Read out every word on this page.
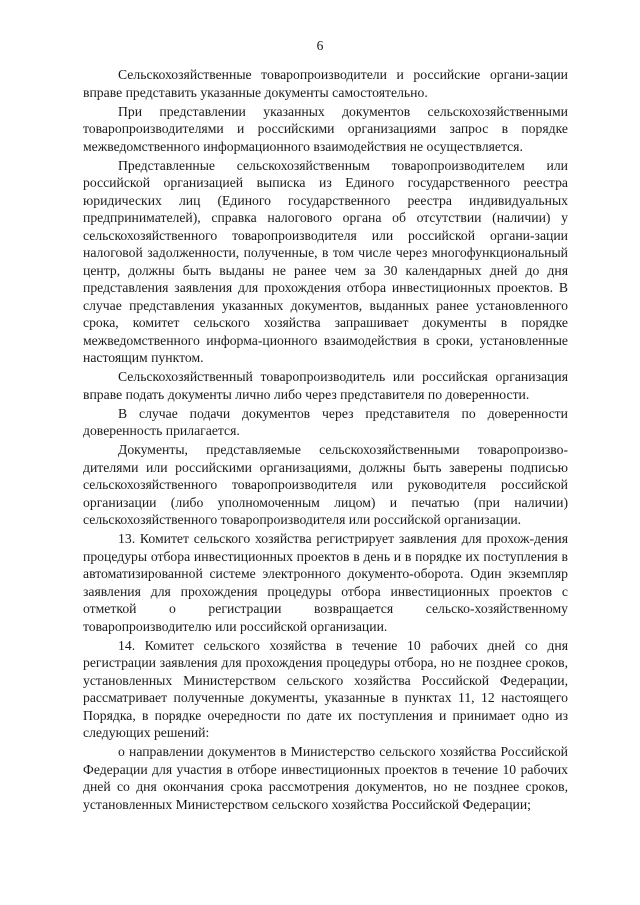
6

Сельскохозяйственные товаропроизводители и российские органи-зации вправе представить указанные документы самостоятельно.

При представлении указанных документов сельскохозяйственными товаропроизводителями и российскими организациями запрос в порядке межведомственного информационного взаимодействия не осуществляется.

Представленные сельскохозяйственным товаропроизводителем или российской организацией выписка из Единого государственного реестра юридических лиц (Единого государственного реестра индивидуальных предпринимателей), справка налогового органа об отсутствии (наличии) у сельскохозяйственного товаропроизводителя или российской органи-зации налоговой задолженности, полученные, в том числе через многофункциональный центр, должны быть выданы не ранее чем за 30 календарных дней до дня представления заявления для прохождения отбора инвестиционных проектов. В случае представления указанных документов, выданных ранее установленного срока, комитет сельского хозяйства запрашивает документы в порядке межведомственного информа-ционного взаимодействия в сроки, установленные настоящим пунктом.

Сельскохозяйственный товаропроизводитель или российская организация вправе подать документы лично либо через представителя по доверенности.

В случае подачи документов через представителя по доверенности доверенность прилагается.

Документы, представляемые сельскохозяйственными товаропроизво-дителями или российскими организациями, должны быть заверены подписью сельскохозяйственного товаропроизводителя или руководителя российской организации (либо уполномоченным лицом) и печатью (при наличии) сельскохозяйственного товаропроизводителя или российской организации.

13. Комитет сельского хозяйства регистрирует заявления для прохож-дения процедуры отбора инвестиционных проектов в день и в порядке их поступления в автоматизированной системе электронного документо-оборота. Один экземпляр заявления для прохождения процедуры отбора инвестиционных проектов с отметкой о регистрации возвращается сельско-хозяйственному товаропроизводителю или российской организации.

14. Комитет сельского хозяйства в течение 10 рабочих дней со дня регистрации заявления для прохождения процедуры отбора, но не позднее сроков, установленных Министерством сельского хозяйства Российской Федерации, рассматривает полученные документы, указанные в пунктах 11, 12 настоящего Порядка, в порядке очередности по дате их поступления и принимает одно из следующих решений:

о направлении документов в Министерство сельского хозяйства Российской Федерации для участия в отборе инвестиционных проектов в течение 10 рабочих дней со дня окончания срока рассмотрения документов, но не позднее сроков, установленных Министерством сельского хозяйства Российской Федерации;
